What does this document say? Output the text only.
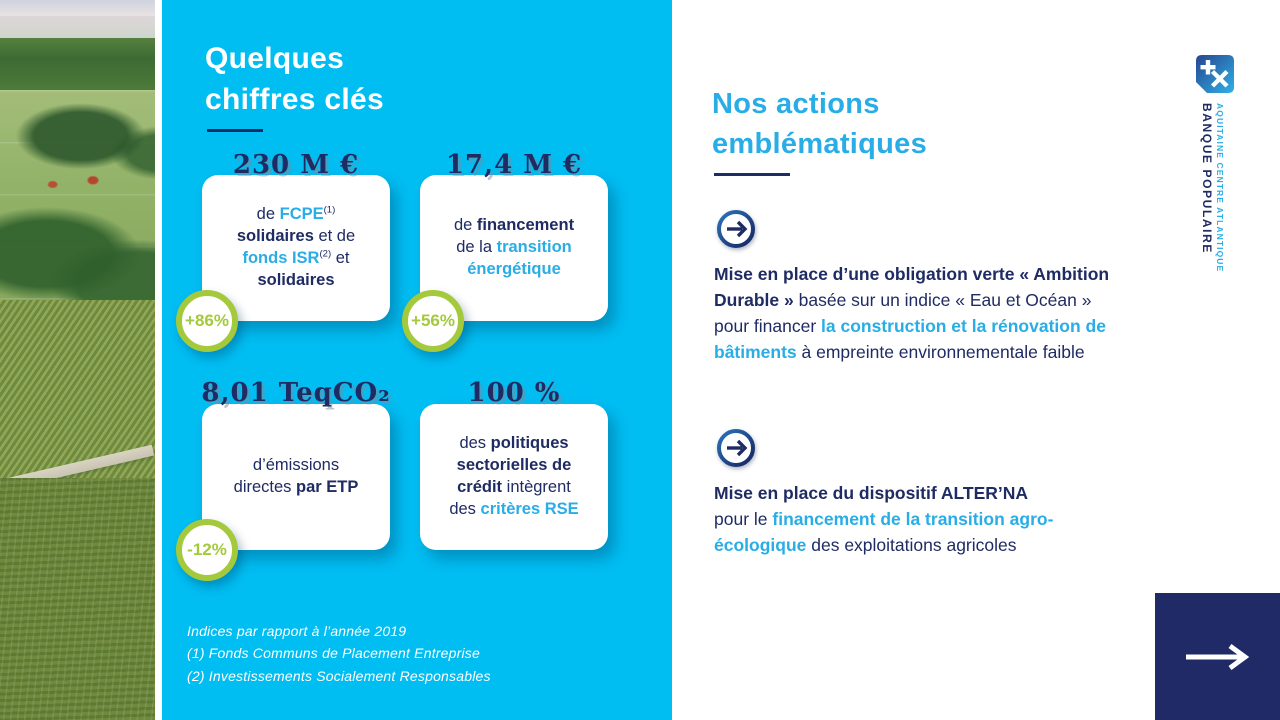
Quelques
chiffres clés
230 M €
de FCPE$^{(1)}$
solidaires et de
fonds ISR$^{(2)}$ et
solidaires
+86%
17,4 M €
de financement
de la transition
énergétique
+56%
8,01 TeqCO₂
d’émissions
directes par ETP
-12%
100 %
des politiques
sectorielles de
crédit intègrent
des critères RSE
Indices par rapport à l’année 2019
(1) Fonds Communs de Placement Entreprise
(2) Investissements Socialement Responsables
Nos actions
emblématiques

Mise en place d’une obligation verte « Ambition Durable » basée sur un indice « Eau et Océan » pour financer la construction et la rénovation de bâtiments à empreinte environnementale faible

Mise en place du dispositif ALTER’NA
pour le financement de la transition agro-écologique des exploitations agricoles

BANQUE POPULAIRE AQUITAINE CENTRE ATLANTIQUE
